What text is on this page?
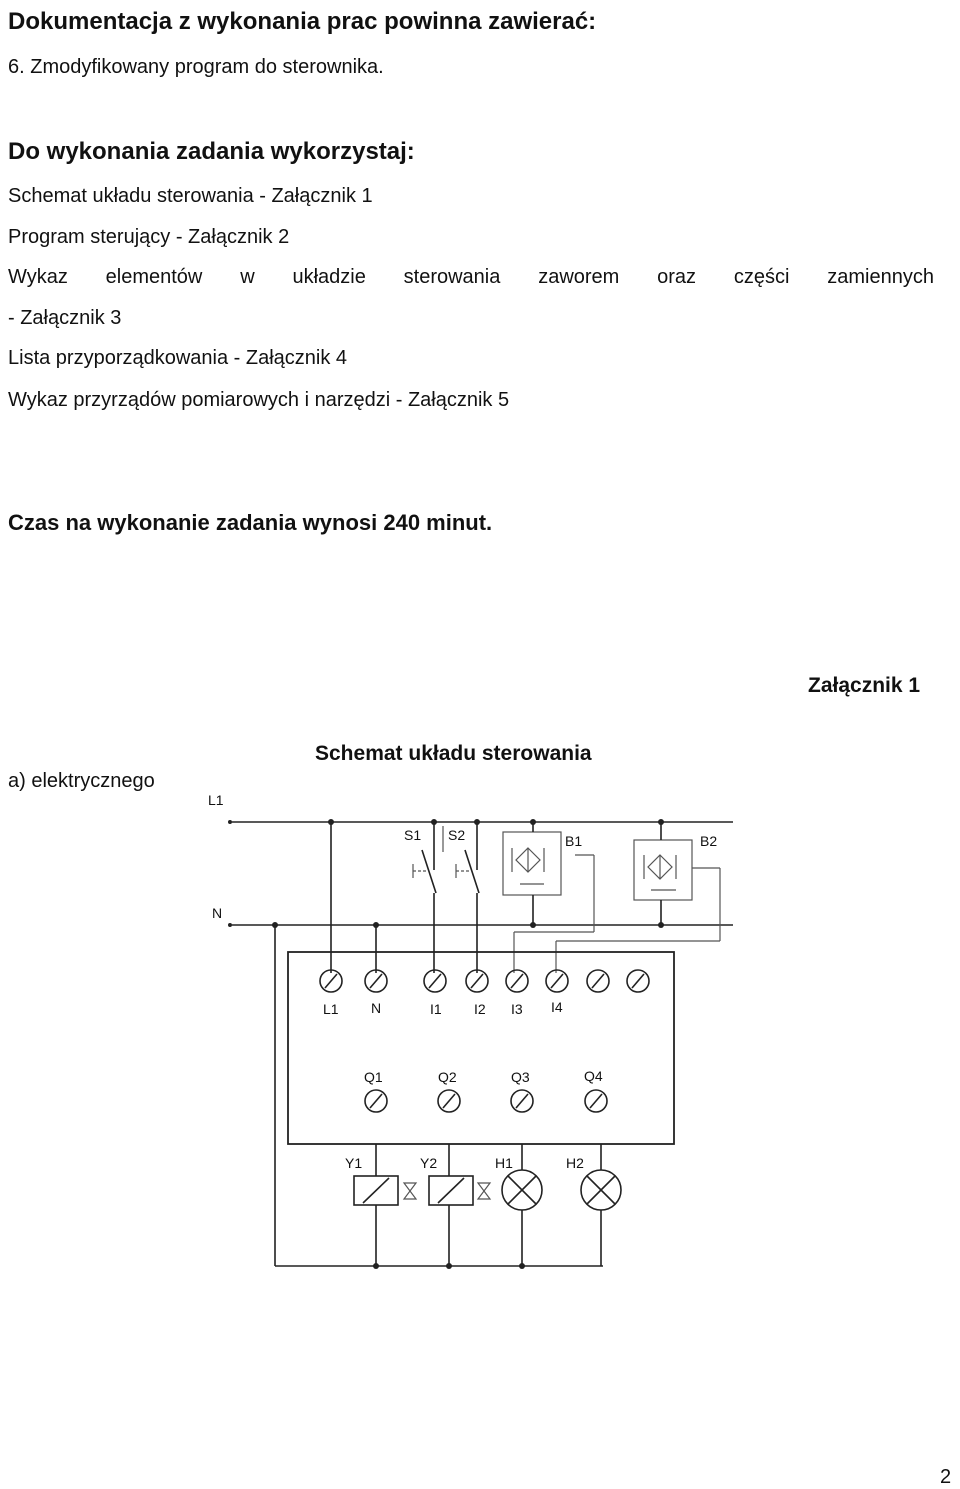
Dokumentacja z wykonania prac powinna zawierać:
6. Zmodyfikowany program do sterownika.
Do wykonania zadania wykorzystaj:
Schemat układu sterowania - Załącznik 1
Program sterujący - Załącznik 2
Wykaz elementów w układzie sterowania zaworem oraz części zamiennych
- Załącznik 3
Lista przyporządkowania - Załącznik 4
Wykaz przyrządów pomiarowych i narzędzi - Załącznik 5
Czas na wykonanie zadania wynosi 240 minut.
Załącznik 1
Schemat układu sterowania
a) elektrycznego
L1
N
S1 S2	B1	B2
L1 N	I1 I2 I3 I4
Q1	Q2	Q3	Q4
Y1	Y2	H1	H2
2
